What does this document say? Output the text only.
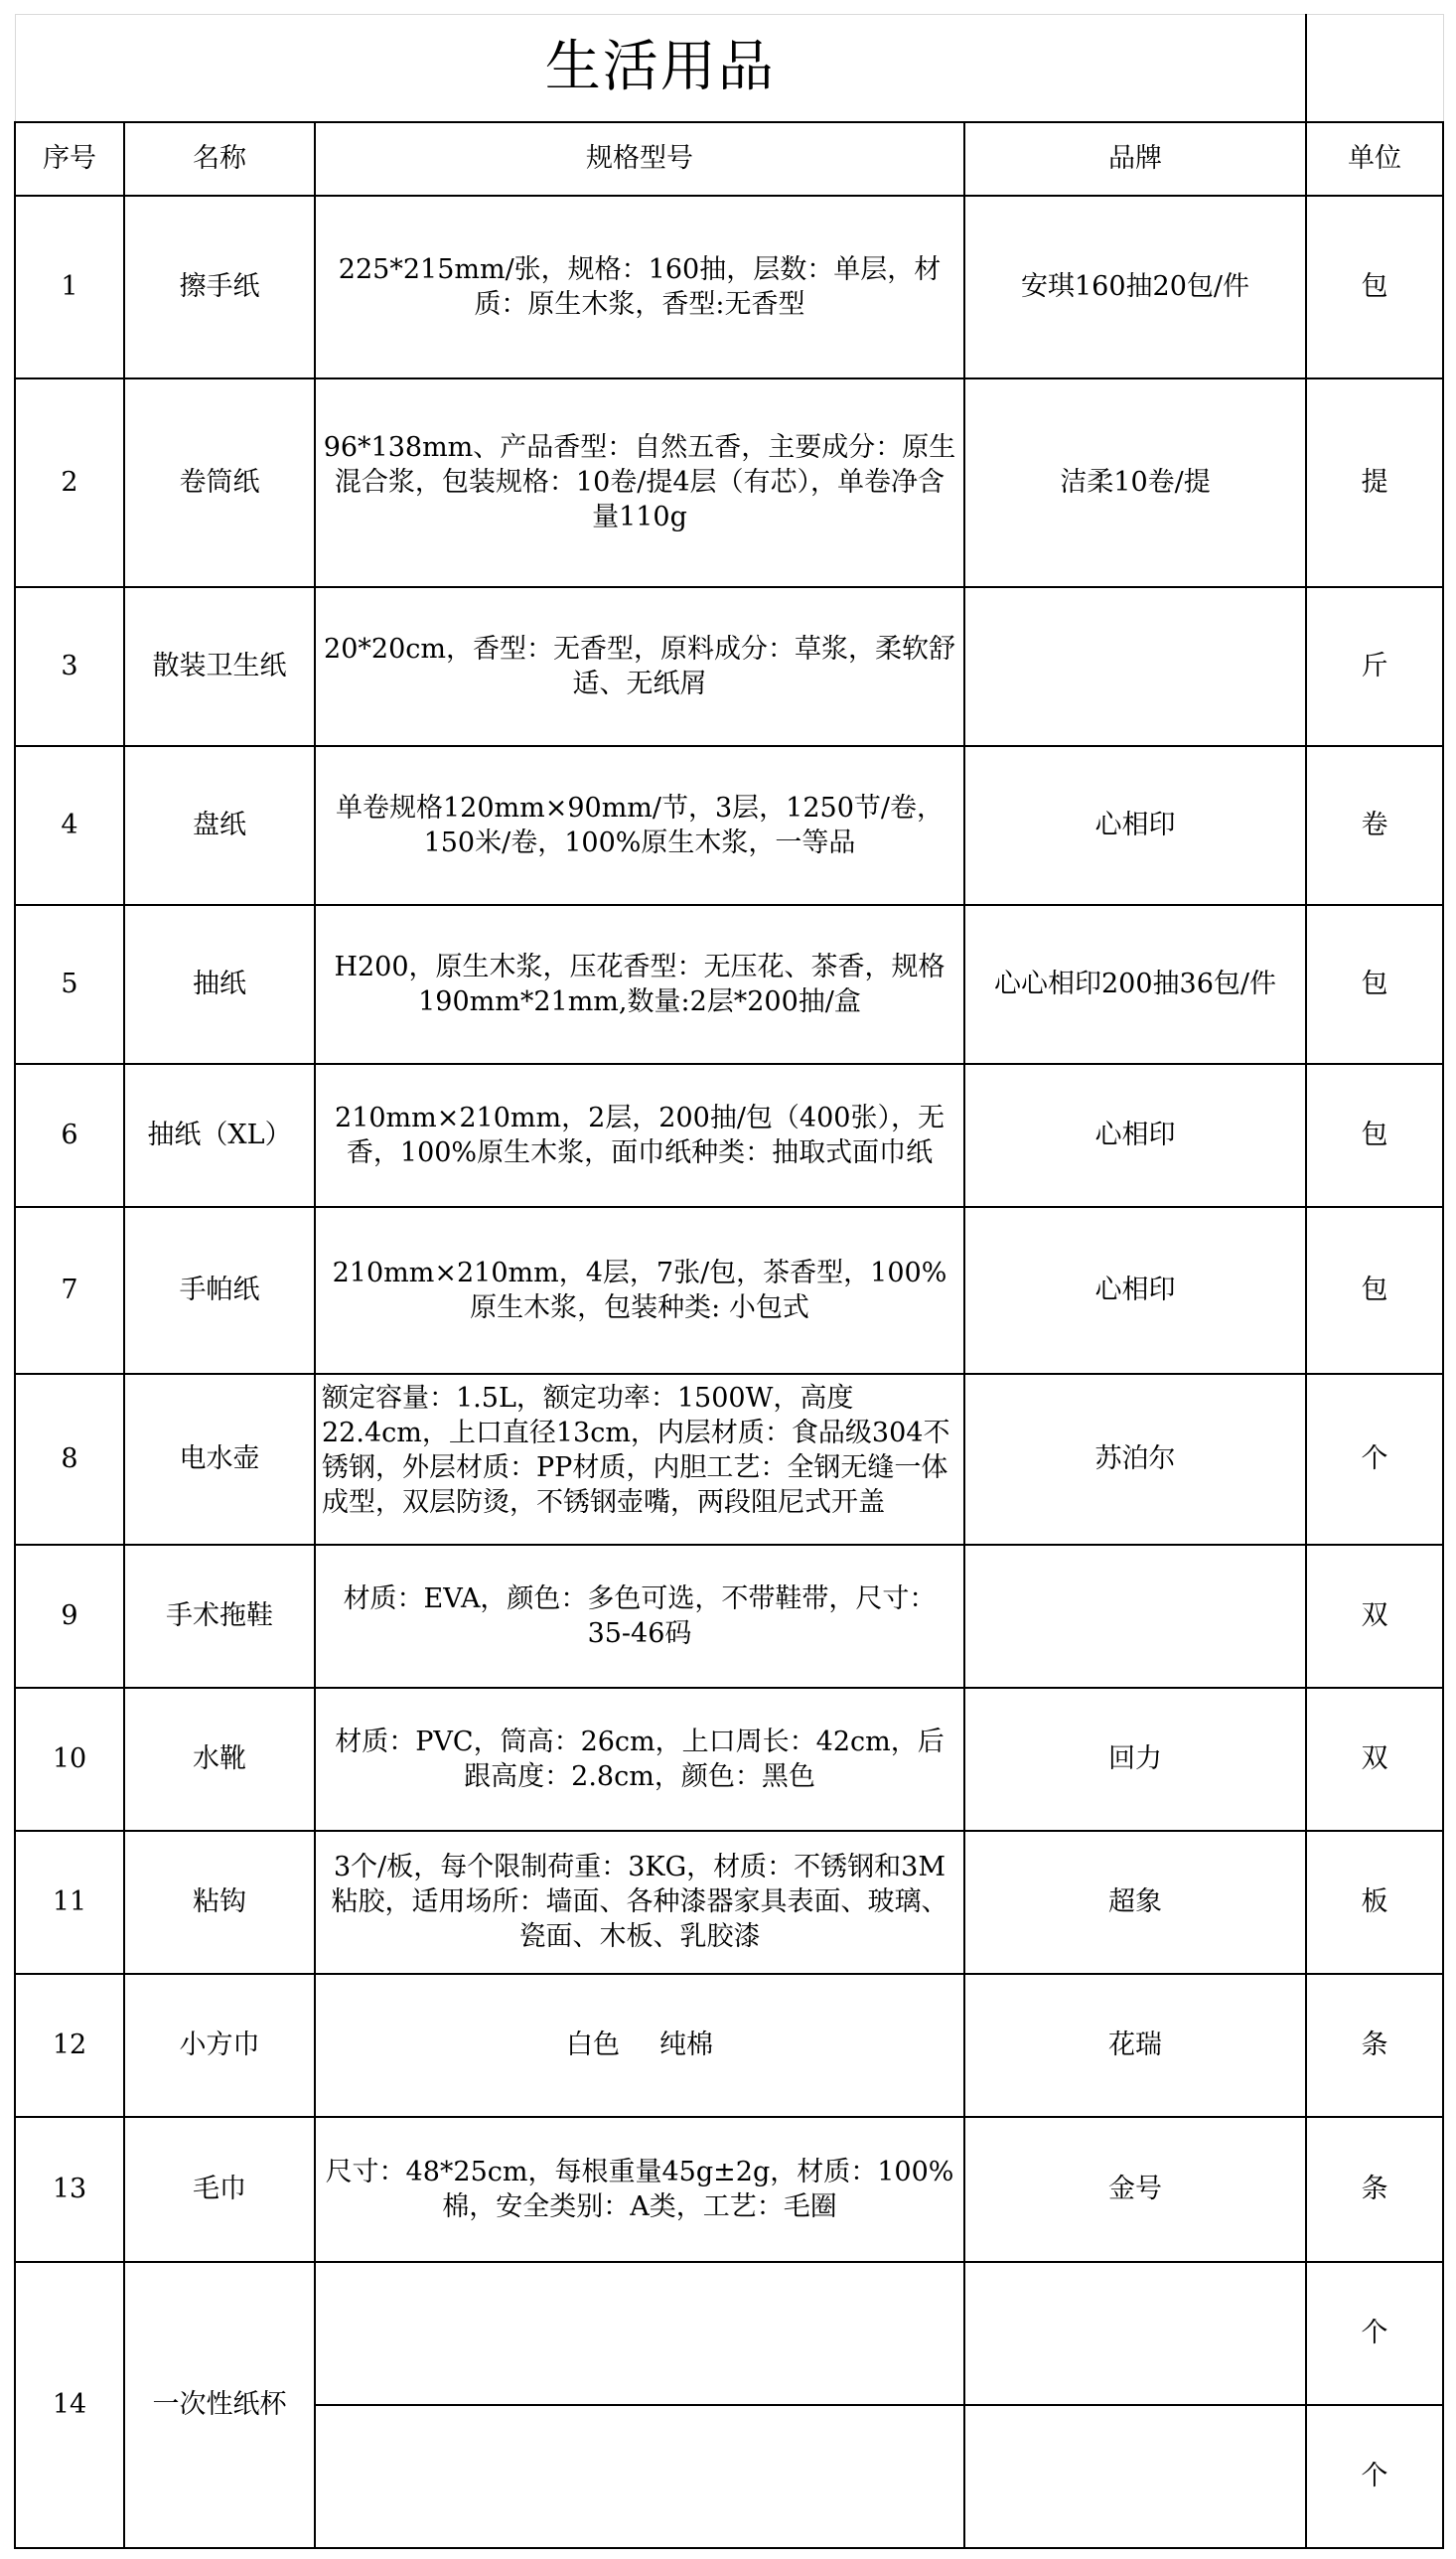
生活用品				
序号	名称	规格型号	品牌	单位
1	擦手纸	225*215mm/张，规格：160抽，层数：单层，材质：原生木浆，香型:无香型	安琪160抽20包/件	包
2	卷筒纸	96*138mm、产品香型：自然五香，主要成分：原生混合浆，包装规格：10卷/提4层（有芯），单卷净含量110g	洁柔10卷/提	提
3	散装卫生纸	20*20cm，香型：无香型，原料成分：草浆，柔软舒适、无纸屑		斤
4	盘纸	单卷规格120mm×90mm/节，3层，1250节/卷，150米/卷，100%原生木浆，一等品	心相印	卷
5	抽纸	H200，原生木浆，压花香型：无压花、茶香，规格190mm*21mm,数量:2层*200抽/盒	心心相印200抽36包/件	包
6	抽纸（XL）	210mm×210mm，2层，200抽/包（400张），无香，100%原生木浆，面巾纸种类：抽取式面巾纸	心相印	包
7	手帕纸	210mm×210mm，4层，7张/包，茶香型，100%原生木浆，包装种类: 小包式	心相印	包
8	电水壶	额定容量：1.5L，额定功率：1500W，高度22.4cm，上口直径13cm，内层材质：食品级304不锈钢，外层材质：PP材质，内胆工艺：全钢无缝一体成型，双层防烫，不锈钢壶嘴，两段阻尼式开盖	苏泊尔	个
9	手术拖鞋	材质：EVA，颜色：多色可选，不带鞋带，尺寸：35-46码		双
10	水靴	材质：PVC，筒高：26cm，上口周长：42cm，后跟高度：2.8cm，颜色：黑色	回力	双
11	粘钩	3个/板，每个限制荷重：3KG，材质：不锈钢和3M粘胶，适用场所：墙面、各种漆器家具表面、玻璃、瓷面、木板、乳胶漆	超象	板
12	小方巾	白色 纯棉	花瑞	条
13	毛巾	尺寸：48*25cm，每根重量45g±2g，材质：100%棉，安全类别：A类，工艺：毛圈	金号	条
14	一次性纸杯			个
				个
